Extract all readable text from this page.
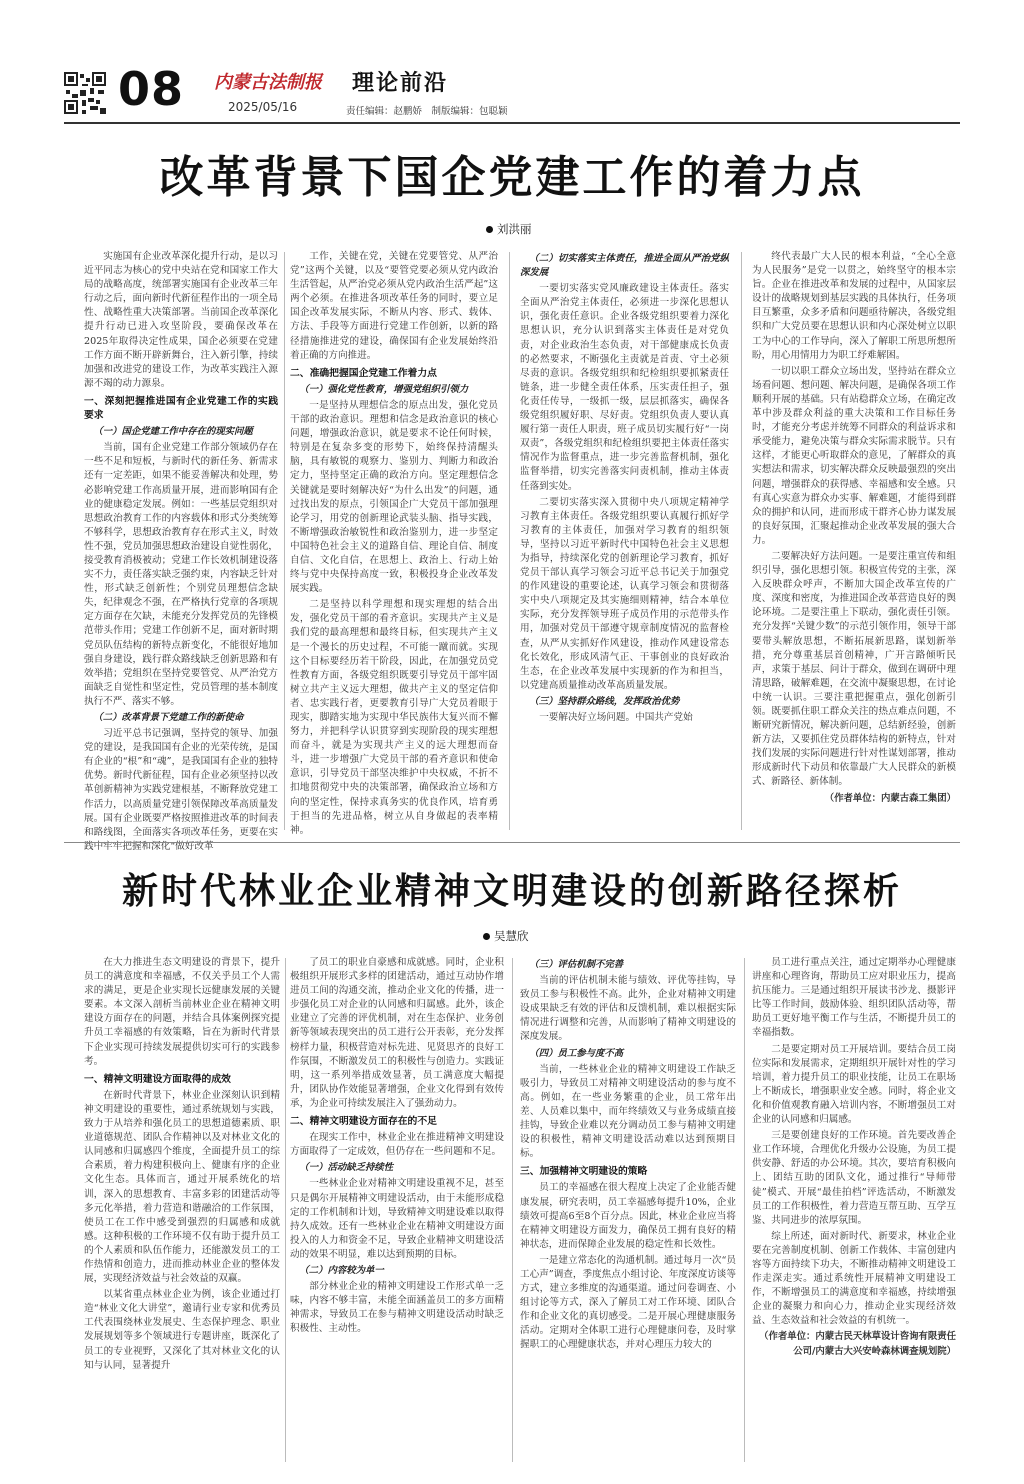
08 内蒙古法制报
2025/05/16
理论前沿
责任编辑：赵鹏娇　制版编辑：包聪颖
改革背景下国企党建工作的着力点
刘洪丽

实施国有企业改革深化提升行动，是以习近平同志为核心的党中央站在党和国家工作大局的战略高度，统部署实施国有企业改革三年行动之后，面向新时代新征程作出的一项全局性、战略性重大决策部署。当前国企改革深化提升行动已进入攻坚阶段，要确保改革在2025年取得决定性成果，国企必须要在党建工作方面不断开辟新舞台，注入新引擎，持续加强和改进党的建设工作，为改革实践注入源源不竭的动力源泉。

一、深刻把握推进国有企业党建工作的实践要求
（一）国企党建工作中存在的现实问题

当前，国有企业党建工作部分领域仍存在一些不足和短板，与新时代的新任务、新需求还有一定差距，如果不能妥善解决和处理，势必影响党建工作高质量开展，进而影响国有企业的健康稳定发展。例如：一些基层党组织对思想政治教育工作的内容载体和形式分类统筹不够科学，思想政治教育存在形式主义，时效性不强，党员加强思想政治建设自觉性弱化，接受教育消极被动；党建工作长效机制建设落实不力，责任落实缺乏强约束，内容缺乏针对性，形式缺乏创新性；个别党员理想信念缺失，纪律观念不强，在严格执行党章的各项规定方面存在欠缺，未能充分发挥党员的先锋模范带头作用；党建工作创新不足，面对新时期党员队伍结构的新特点新变化，不能很好地加强自身建设，践行群众路线缺乏创新思路和有效举措；党组织在坚持党要管党、从严治党方面缺乏自觉性和坚定性，党员管理的基本制度执行不严、落实不够。

（二）改革背景下党建工作的新使命

习近平总书记强调，坚持党的领导、加强党的建设，是我国国有企业的光荣传统，是国有企业的“根”和“魂”，是我国国有企业的独特优势。新时代新征程，国有企业必须坚持以改革创新精神为实践党建根基，不断释放党建工作活力，以高质量党建引领保障改革高质量发展。国有企业既要严格按照推进改革的时间表和路线图，全面落实各项改革任务，更要在实践中牢牢把握和深化“做好改革

工作，关键在党，关键在党要管党、从严治党”这两个关键，以及“要管党要必须从党内政治生活管起，从严治党必须从党内政治生活严起”这两个必须。在推进各项改革任务的同时，要立足国企改革发展实际，不断从内容、形式、载体、方法、手段等方面进行党建工作创新，以新的路径措施推进党的建设，确保国有企业发展始终沿着正确的方向推进。

二、准确把握国企党建工作着力点
（一）强化党性教育，增强党组织引领力

一是坚持从理想信念的原点出发，强化党员干部的政治意识。理想和信念是政治意识的核心问题，增强政治意识，就是要求不论任何时候，特别是在复杂多变的形势下，始终保持清醒头脑，具有敏锐的观察力、鉴别力、判断力和政治定力，坚持坚定正确的政治方向。坚定理想信念关键就是要时刻解决好“为什么出发”的问题，通过找出发的原点，引领国企广大党员干部加强理论学习，用党的创新理论武装头脑、指导实践，不断增强政治敏锐性和政治鉴别力，进一步坚定中国特色社会主义的道路自信、理论自信、制度自信、文化自信，在思想上、政治上、行动上始终与党中央保持高度一致，积极投身企业改革发展实践。

二是坚持以科学理想和现实理想的结合出发，强化党员干部的看齐意识。实现共产主义是我们党的最高理想和最终目标，但实现共产主义是一个漫长的历史过程，不可能一蹴而就。实现这个目标要经历若干阶段，因此，在加强党员党性教育方面，各级党组织既要引导党员干部牢固树立共产主义远大理想，做共产主义的坚定信仰者、忠实践行者，更要教育引导广大党员着眼于现实，脚踏实地为实现中华民族伟大复兴而不懈努力，并把科学认识贯穿到实现阶段的现实理想而奋斗，就是为实现共产主义的远大理想而奋斗，进一步增强广大党员干部的看齐意识和使命意识，引导党员干部坚决维护中央权威，不折不扣地贯彻党中央的决策部署，确保政治立场和方向的坚定性，保持求真务实的优良作风，培育勇于担当的先进品格，树立从自身做起的表率精神。

（二）切实落实主体责任，推进全面从严治党纵深发展

一要切实落实党风廉政建设主体责任。落实全面从严治党主体责任，必须进一步深化思想认识，强化责任意识。企业各级党组织要着力深化思想认识，充分认识到落实主体责任是对党负责，对企业政治生态负责，对干部健康成长负责的必然要求，不断强化主责就是首责、守土必须尽责的意识。各级党组织和纪检组织要抓紧责任链条，进一步健全责任体系，压实责任担子，强化责任传导，一级抓一级，层层抓落实，确保各级党组织履好职、尽好责。党组织负责人要认真履行第一责任人职责，班子成员切实履行好“一岗双责”，各级党组织和纪检组织要把主体责任落实情况作为监督重点，进一步完善监督机制，强化监督举措，切实完善落实问责机制，推动主体责任落到实处。

二要切实落实深入贯彻中央八项规定精神学习教育主体责任。各级党组织要认真履行抓好学习教育的主体责任，加强对学习教育的组织领导，坚持以习近平新时代中国特色社会主义思想为指导，持续深化党的创新理论学习教育，抓好党员干部认真学习领会习近平总书记关于加强党的作风建设的重要论述，认真学习领会和贯彻落实中央八项规定及其实施细则精神，结合本单位实际，充分发挥领导班子成员作用的示范带头作用，加强对党员干部遵守规章制度情况的监督检查，从严从实抓好作风建设，推动作风建设常态化长效化，形成风清气正、干事创业的良好政治生态，在企业改革发展中实现新的作为和担当，以党建高质量推动改革高质量发展。

（三）坚持群众路线，发挥政治优势

一要解决好立场问题。中国共产党始

终代表最广大人民的根本利益，“全心全意为人民服务”是党一以贯之，始终坚守的根本宗旨。企业在推进改革和发展的过程中，从国家层设计的战略规划到基层实践的具体执行，任务项目互繁重，众多矛盾和问题亟待解决，各级党组织和广大党员要在思想认识和内心深处树立以职工为中心的工作导向，深入了解职工所思所想所盼，用心用情用力为职工纾难解困。

一切以职工群众立场出发，坚持站在群众立场看问题、想问题、解决问题，是确保各项工作顺利开展的基础。只有站稳群众立场，在确定改革中涉及群众利益的重大决策和工作目标任务时，才能充分考虑并统筹不同群众的利益诉求和承受能力，避免决策与群众实际需求脱节。只有这样，才能更心听取群众的意见，了解群众的真实想法和需求，切实解决群众反映最强烈的突出问题，增强群众的获得感、幸福感和安全感。只有真心实意为群众办实事、解难题，才能得到群众的拥护和认同，进而形成干群齐心协力谋发展的良好氛围，汇聚起推动企业改革发展的强大合力。

二要解决好方法问题。一是要注重宣传和组织引导，强化思想引领。积极宣传党的主张，深入反映群众呼声，不断加大国企改革宣传的广度、深度和密度，为推进国企改革营造良好的舆论环境。二是要注重上下联动，强化责任引领。充分发挥“关键少数”的示范引领作用，领导干部要带头解放思想，不断拓展新思路，谋划新举措，充分尊重基层首创精神，广开言路倾听民声，求策于基层、问计于群众，做到在调研中理清思路，破解难题，在交流中凝聚思想，在讨论中统一认识。三要注重把握重点，强化创新引领。既要抓住职工群众关注的热点难点问题，不断研究新情况，解决新问题，总结新经验，创新新方法，又要抓住党员群体结构的新特点，针对找们发展的实际问题进行针对性谋划部署，推动形成新时代下动员和依靠最广大人民群众的新模式、新路径、新体制。

（作者单位：内蒙古森工集团）

新时代林业企业精神文明建设的创新路径探析
吴慧欣

在大力推进生态文明建设的背景下，提升员工的满意度和幸福感，不仅关乎员工个人需求的满足，更是企业实现长远健康发展的关键要素。本文深入剖析当前林业企业在精神文明建设方面存在的问题，并结合具体案例探究提升员工幸福感的有效策略，旨在为新时代背景下企业实现可持续发展提供切实可行的实践参考。

一、精神文明建设方面取得的成效

在新时代背景下，林业企业深刻认识到精神文明建设的重要性，通过系统规划与实践，致力于从培养和强化员工的思想道德素质、职业道德规范、团队合作精神以及对林业文化的认同感和归属感四个维度，全面提升员工的综合素质，着力构建积极向上、健康有序的企业文化生态。具体而言，通过开展系统化的培训，深入的思想教育、丰富多彩的团建活动等多元化举措，着力营造和谐融洽的工作氛围，使员工在工作中感受到强烈的归属感和成就感。这种积极的工作环境不仅有助于提升员工的个人素质和队伍作能力，还能激发员工的工作热情和创造力，进而推动林业企业的整体发展，实现经济效益与社会效益的双赢。

以某省重点林业企业为例，该企业通过打造“林业文化大讲堂”，邀请行业专家和优秀员工代表围绕林业发展史、生态保护理念、职业发展规划等多个领域进行专题讲座，既深化了员工的专业视野，又深化了其对林业文化的认知与认同，显著提升

了员工的职业自豪感和成就感。同时，企业积极组织开展形式多样的团建活动，通过互动协作增进员工间的沟通交流，推动企业文化的传播，进一步强化员工对企业的认同感和归属感。此外，该企业建立了完善的评优机制，对在生态保护、业务创新等领域表现突出的员工进行公开表彰，充分发挥榜样力量，积极营造对标先进、见贤思齐的良好工作氛围，不断激发员工的积极性与创造力。实践证明，这一系列举措成效显著，员工满意度大幅提升，团队协作效能显著增强，企业文化得到有效传承，为企业可持续发展注入了强劲动力。

二、精神文明建设方面存在的不足

在现实工作中，林业企业在推进精神文明建设方面取得了一定成效，但仍存在一些问题和不足。

（一）活动缺乏持续性

一些林业企业对精神文明建设重视不足，甚至只是偶尔开展精神文明建设活动，由于未能形成稳定的工作机制和计划，导致精神文明建设难以取得持久成效。还有一些林业企业在精神文明建设方面投入的人力和资金不足，导致企业精神文明建设活动的效果不明显，难以达到预期的目标。

（二）内容较为单一

部分林业企业的精神文明建设工作形式单一乏味，内容不够丰富，未能全面涵盖员工的多方面精神需求，导致员工在参与精神文明建设活动时缺乏积极性、主动性。

（三）评估机制不完善

当前的评估机制未能与绩效、评优等挂钩，导致员工参与积极性不高。此外，企业对精神文明建设成果缺乏有效的评估和反馈机制，难以根据实际情况进行调整和完善，从而影响了精神文明建设的深度发展。

（四）员工参与度不高

当前，一些林业企业的精神文明建设工作缺乏吸引力，导致员工对精神文明建设活动的参与度不高。例如，在一些业务繁重的企业，员工常年出差、人员难以集中，而年终绩效又与业务成绩直接挂钩，导致企业难以充分调动员工参与精神文明建设的积极性，精神文明建设活动难以达到预期目标。

三、加强精神文明建设的策略

员工的幸福感在很大程度上决定了企业能否健康发展，研究表明，员工幸福感每提升10%，企业绩效可提高6至8个百分点。因此，林业企业应当将在精神文明建设方面发力，确保员工拥有良好的精神状态，进而保障企业发展的稳定性和长效性。

一是建立常态化的沟通机制。通过每月一次“员工心声”调查，季度焦点小组讨论、年度深度访谈等方式，建立多维度的沟通渠道。通过问卷调查、小组讨论等方式，深入了解员工对工作环境、团队合作和企业文化的真切感受。二是开展心理健康服务活动。定期对全体职工进行心理健康问卷，及时掌握职工的心理健康状态，并对心理压力较大的

员工进行重点关注，通过定期举办心理健康讲座和心理咨询，帮助员工应对职业压力，提高抗压能力。三是通过组织开展读书沙龙、摄影评比等工作时间，鼓励体验、组织团队活动等，帮助员工更好地平衡工作与生活，不断提升员工的幸福指数。

二是要定期对员工开展培训。要结合员工岗位实际和发展需求，定期组织开展针对性的学习培训，着力提升员工的职业技能，让员工在职场上不断成长，增强职业安全感。同时，将企业文化和价值观教育融入培训内容，不断增强员工对企业的认同感和归属感。

三是要创建良好的工作环境。首先要改善企业工作环境，合理优化升级办公设施，为员工提供安静、舒适的办公环境。其次，要培育积极向上、团结互助的团队文化，通过推行“导师带徒”模式、开展“最佳拍档”评选活动，不断激发员工的工作积极性，着力营造互帮互助、互学互鉴、共同进步的浓厚氛围。

综上所述，面对新时代、新要求，林业企业要在完善制度机制、创新工作载体、丰富创建内容等方面持续下功夫，不断推动精神文明建设工作走深走实。通过系统性开展精神文明建设工作，不断增强员工的满意度和幸福感，持续增强企业的凝聚力和向心力，推动企业实现经济效益、生态效益和社会效益的有机统一。

（作者单位：内蒙古民天林草设计咨询有限责任公司/内蒙古大兴安岭森林调查规划院）
